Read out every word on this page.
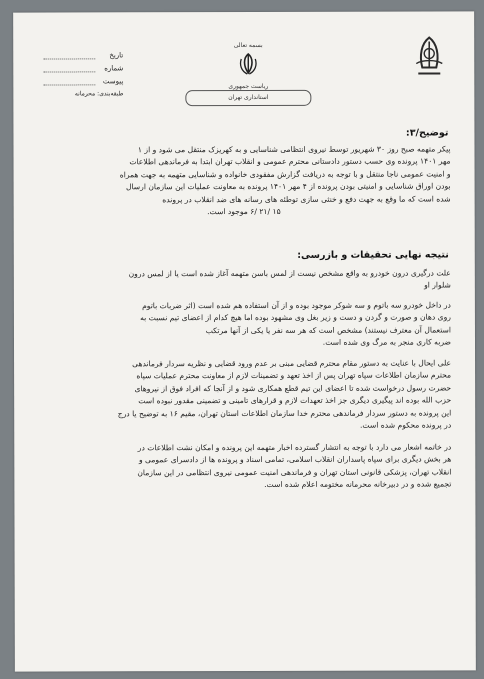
بسمه تعالی
ریاست جمهوری
استانداری تهران
تاریخ
شماره
پیوست
طبقه‌بندی: محرمانه
توضیح/۳:
پیکر متهمه صبح روز ۳۰ شهریور توسط نیروی انتظامی شناسایی و به کهریزک منتقل می شود و از ۱
مهر ۱۴۰۱ پرونده وی حسب دستور دادستانی محترم عمومی و انقلاب تهران ابتدا به فرماندهی اطلاعات
و امنیت عمومی ناجا منتقل و با توجه به دریافت گزارش مفقودی خانواده و شناسایی متهمه به جهت همراه
بودن اوراق شناسایی و امنیتی بودن پرونده از ۴ مهر ۱۴۰۱ پرونده به معاونت عملیات این سازمان ارسال
شده است که ما وقع به جهت دفع و خنثی سازی توطئه های رسانه های ضد انقلاب در پرونده
۱۵ /۲۱ /۶ موجود است.
نتیجه نهایی تحقیقات و بازرسی:
علت درگیری درون خودرو به واقع مشخص نیست از لمس باسن متهمه آغاز شده است یا از لمس درون
شلوار او
در داخل خودرو سه باتوم و سه شوکر موجود بوده و از آن استفاده هم شده است (اثر ضربات باتوم
روی دهان و صورت و گردن و دست و زیر بغل وی مشهود بوده اما هیچ کدام از اعضای تیم نسبت به
استعمال آن معترف نیستند) مشخص است که هر سه نفر یا یکی از آنها مرتکب
ضربه کاری منجر به مرگ وی شده است.
علی ایحال با عنایت به دستور مقام محترم قضایی مبنی بر عدم ورود قضایی و نظریه سردار فرماندهی
محترم سازمان اطلاعات سپاه تهران پس از اخذ تعهد و تضمینات لازم از معاونت محترم عملیات سپاه
حضرت رسول درخواست شده تا اعضای این تیم قطع همکاری شود و از آنجا که افراد فوق از نیروهای
حزب الله بوده اند پیگیری دیگری جز اخذ تعهدات لازم و قرارهای تامینی و تضمینی مقدور نبوده است
این پرونده به دستور سردار فرماندهی محترم خدا سازمان اطلاعات استان تهران، مقیم ۱۶ به توضیح یا درج
در پرونده محکوم شده است.
در خاتمه اشعار می دارد با توجه به انتشار گسترده اخبار متهمه این پرونده و امکان نشت اطلاعات در
هر بخش دیگری برای سپاه پاسداران انقلاب اسلامی، تمامی اسناد و پرونده ها از دادسرای عمومی و
انقلاب تهران، پزشکی قانونی استان تهران و فرماندهی امنیت عمومی نیروی انتظامی در این سازمان
تجمیع شده و در دبیرخانه محرمانه مختومه اعلام شده است.
